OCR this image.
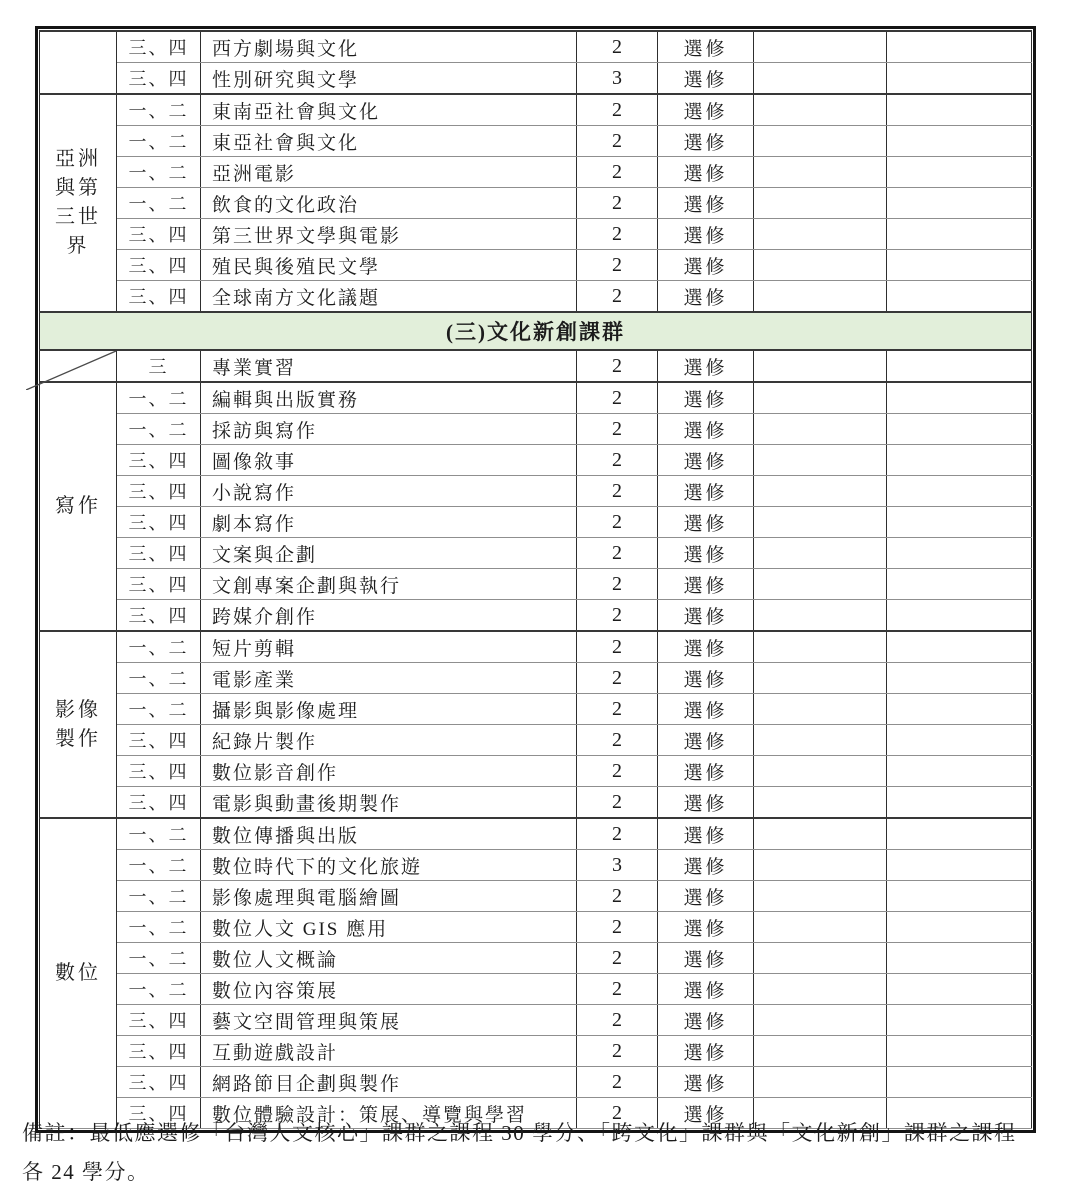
	三、四	西方劇場與文化	2	選修		
	三、四	性別研究與文學	3	選修		
亞洲與第三世界	一、二	東南亞社會與文化	2	選修		
	一、二	東亞社會與文化	2	選修		
	一、二	亞洲電影	2	選修		
	一、二	飲食的文化政治	2	選修		
	三、四	第三世界文學與電影	2	選修		
	三、四	殖民與後殖民文學	2	選修		
	三、四	全球南方文化議題	2	選修		
(三)文化新創課群						

	三	專業實習	2	選修		
寫作	一、二	編輯與出版實務	2	選修		
	一、二	採訪與寫作	2	選修		
	三、四	圖像敘事	2	選修		
	三、四	小說寫作	2	選修		
	三、四	劇本寫作	2	選修		
	三、四	文案與企劃	2	選修		
	三、四	文創專案企劃與執行	2	選修		
	三、四	跨媒介創作	2	選修		
影像製作	一、二	短片剪輯	2	選修		
	一、二	電影產業	2	選修		
	一、二	攝影與影像處理	2	選修		
	三、四	紀錄片製作	2	選修		
	三、四	數位影音創作	2	選修		
	三、四	電影與動畫後期製作	2	選修		
數位	一、二	數位傳播與出版	2	選修		
	一、二	數位時代下的文化旅遊	3	選修		
	一、二	影像處理與電腦繪圖	2	選修		
	一、二	數位人文 GIS 應用	2	選修		
	一、二	數位人文概論	2	選修		
	一、二	數位內容策展	2	選修		
	三、四	藝文空間管理與策展	2	選修		
	三、四	互動遊戲設計	2	選修		
	三、四	網路節目企劃與製作	2	選修		
	三、四	數位體驗設計：策展、導覽與學習	2	選修		
備註：最低應選修「台灣人文核心」課群之課程 30 學分、「跨文化」課群與「文化新創」課群之課程
各 24 學分。
